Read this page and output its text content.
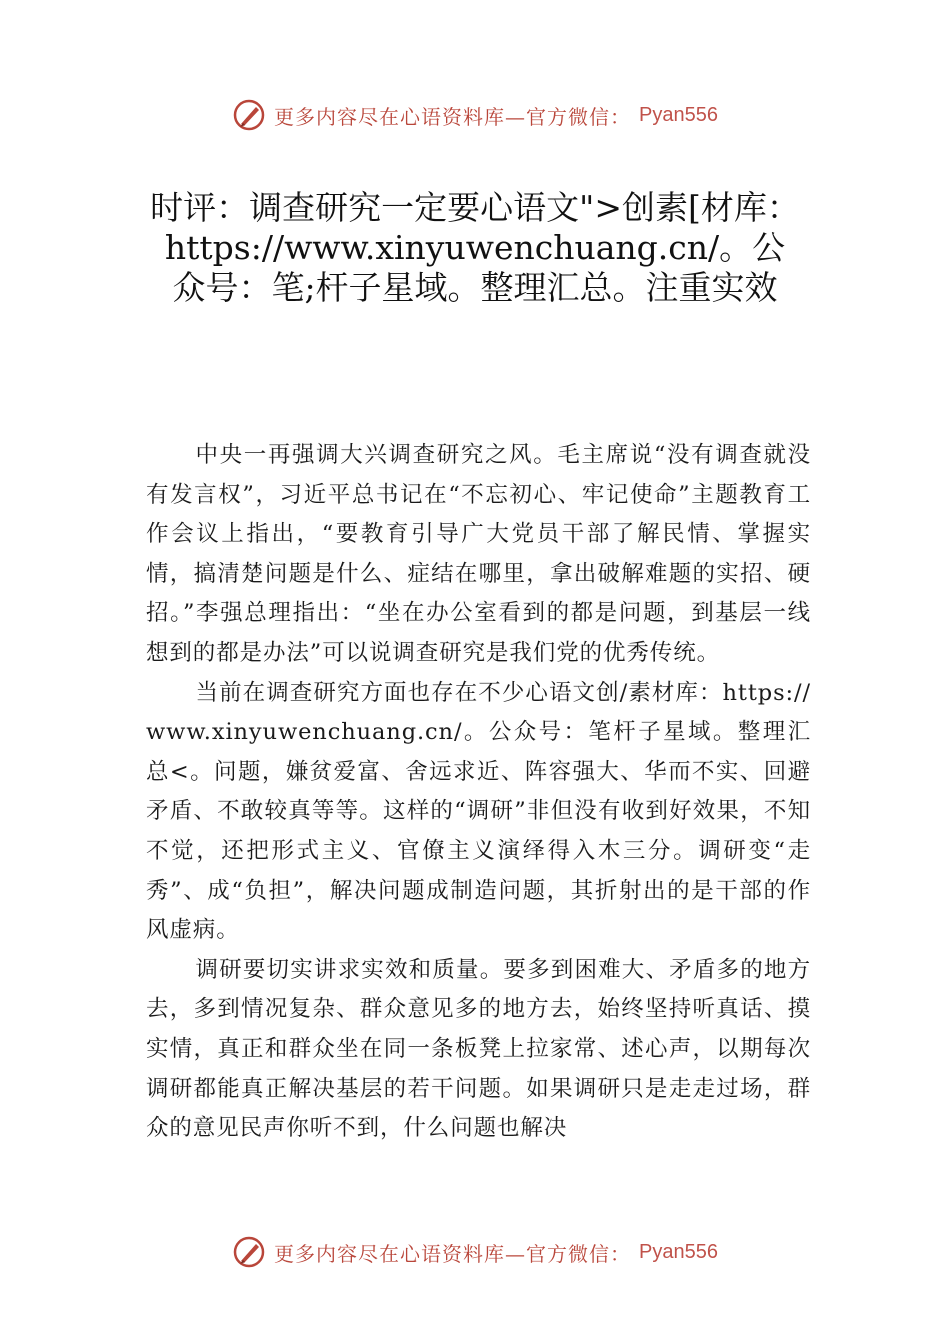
更多内容尽在心语资料库—官方微信： Pyan556
时评：调查研究一定要心语文">创素[材库：https://www.xinyuwenchuang.cn/。公众号：笔;杆子星域。整理汇总。注重实效

中央一再强调大兴调查研究之风。毛主席说“没有调查就没有发言权”，习近平总书记在“不忘初心、牢记使命”主题教育工作会议上指出，“要教育引导广大党员干部了解民情、掌握实情，搞清楚问题是什么、症结在哪里，拿出破解难题的实招、硬招。”李强总理指出：“坐在办公室看到的都是问题，到基层一线想到的都是办法”可以说调查研究是我们党的优秀传统。

当前在调查研究方面也存在不少心语文创/素材库：https://www.xinyuwenchuang.cn/。公众号：笔杆子星域。整理汇总<。问题，嫌贫爱富、舍远求近、阵容强大、华而不实、回避矛盾、不敢较真等等。这样的“调研”非但没有收到好效果，不知不觉，还把形式主义、官僚主义演绎得入木三分。调研变“走秀”、成“负担”，解决问题成制造问题，其折射出的是干部的作风虚病。

调研要切实讲求实效和质量。要多到困难大、矛盾多的地方去，多到情况复杂、群众意见多的地方去，始终坚持听真话、摸实情，真正和群众坐在同一条板凳上拉家常、述心声，以期每次调研都能真正解决基层的若干问题。如果调研只是走走过场，群众的意见民声你听不到，什么问题也解决

更多内容尽在心语资料库—官方微信： Pyan556
